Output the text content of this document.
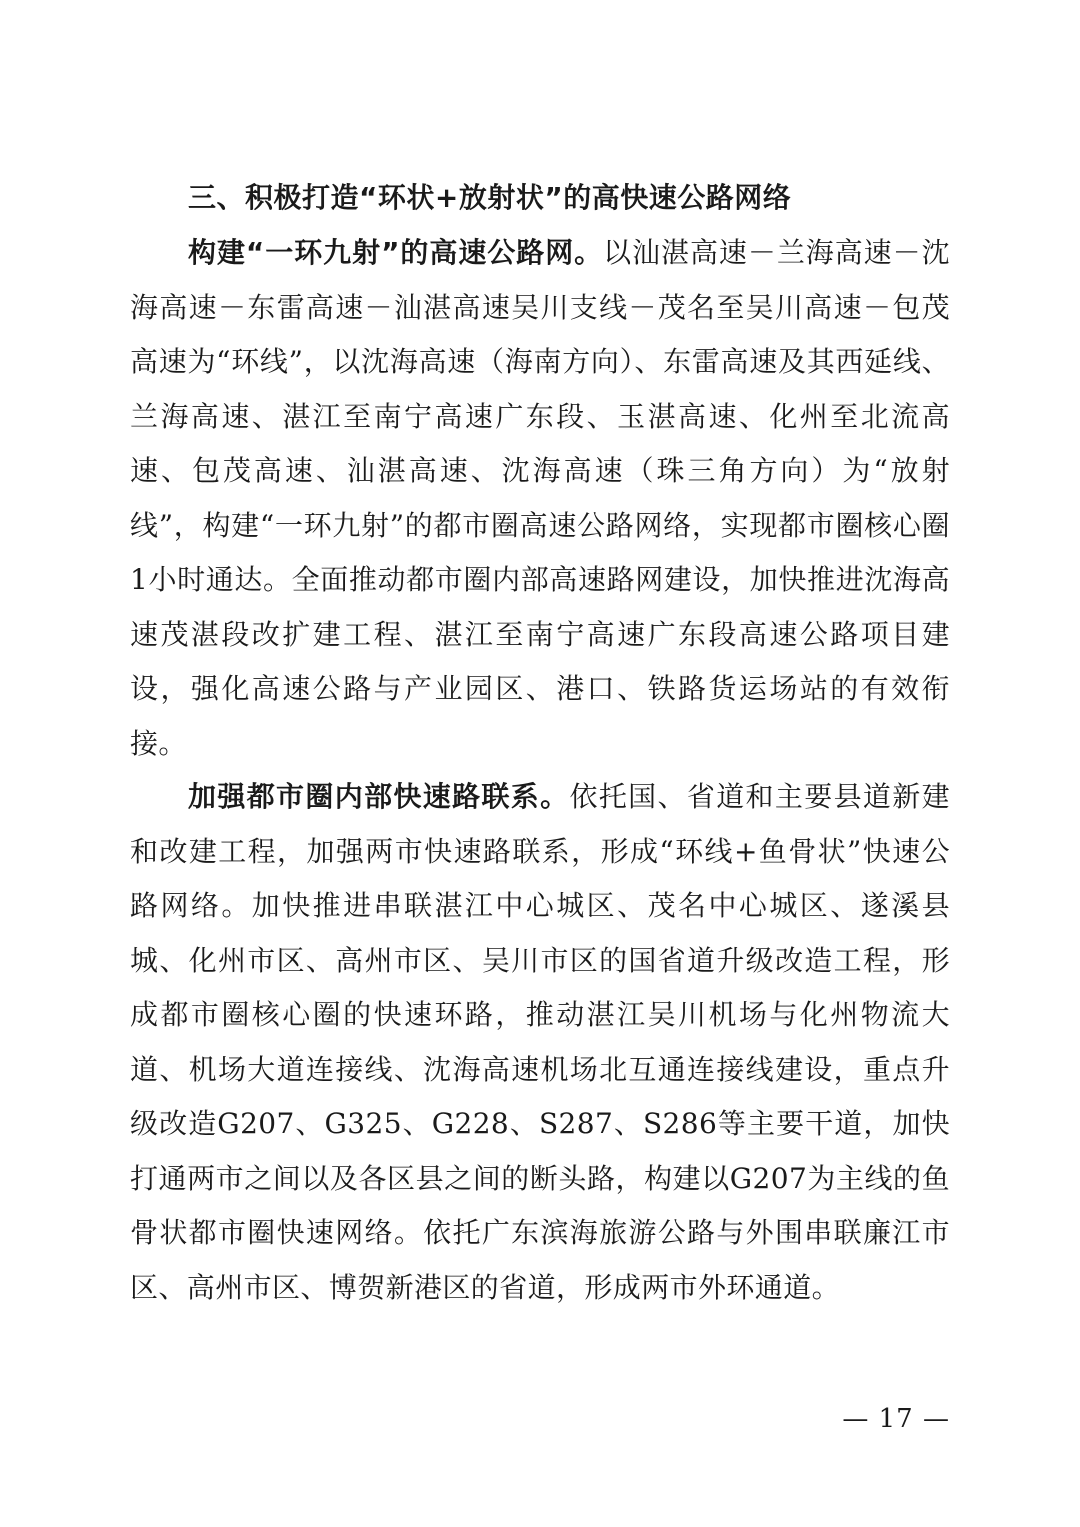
三、积极打造“环状+放射状”的高快速公路网络

构建“一环九射”的高速公路网。以汕湛高速－兰海高速－沈海高速－东雷高速－汕湛高速吴川支线－茂名至吴川高速－包茂高速为“环线”，以沈海高速（海南方向）、东雷高速及其西延线、兰海高速、湛江至南宁高速广东段、玉湛高速、化州至北流高速、包茂高速、汕湛高速、沈海高速（珠三角方向）为“放射线”，构建“一环九射”的都市圈高速公路网络，实现都市圈核心圈1小时通达。全面推动都市圈内部高速路网建设，加快推进沈海高速茂湛段改扩建工程、湛江至南宁高速广东段高速公路项目建设，强化高速公路与产业园区、港口、铁路货运场站的有效衔接。

加强都市圈内部快速路联系。依托国、省道和主要县道新建和改建工程，加强两市快速路联系，形成“环线+鱼骨状”快速公路网络。加快推进串联湛江中心城区、茂名中心城区、遂溪县城、化州市区、高州市区、吴川市区的国省道升级改造工程，形成都市圈核心圈的快速环路，推动湛江吴川机场与化州物流大道、机场大道连接线、沈海高速机场北互通连接线建设，重点升级改造G207、G325、G228、S287、S286等主要干道，加快打通两市之间以及各区县之间的断头路，构建以G207为主线的鱼骨状都市圈快速网络。依托广东滨海旅游公路与外围串联廉江市区、高州市区、博贺新港区的省道，形成两市外环通道。

— 17 —
